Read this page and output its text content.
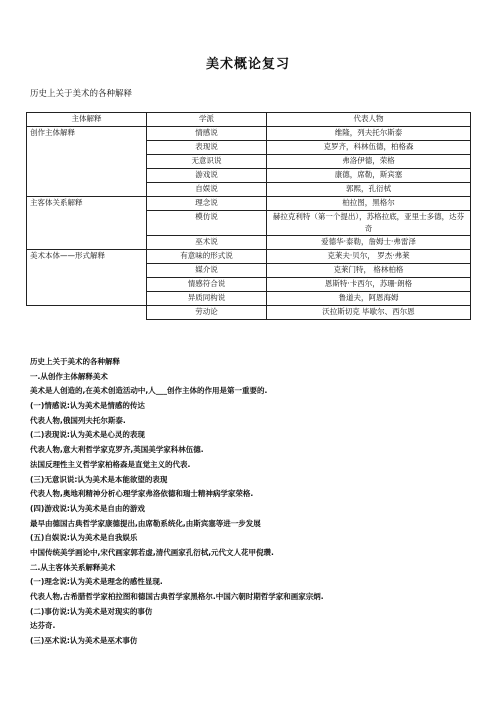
美术概论复习
历史上关于美术的各种解释
主体解释	学派	代表人物
创作主体解释	情感说	维隆，列夫托尔斯泰
	表现说	克罗齐，科林伍德，柏格森
	无意识说	弗洛伊德，荣格
	游戏说	康德，席勒，斯宾塞
	自娱说	郭熙，孔衍栻
主客体关系解释	理念说	柏拉图，黑格尔
	模仿说	赫拉克利特（第一个提出），苏格拉底，亚里士多德，达芬奇
	巫术说	爱德华·泰勒，詹姆士·弗雷泽
美术本体——形式解释	有意味的形式说	克莱夫·贝尔， 罗杰·弗莱
	媒介说	克莱门特， 格林柏格
	情感符合说	恩斯特·卡西尔，苏珊·朗格
	异质同构说	鲁道夫，阿恩海姆
	劳动论	沃拉斯切克 毕歇尔、西尔恩

历史上关于美术的各种解释

一.从创作主体解释美术

美术是人创造的,在美术创造活动中,人___创作主体的作用是第一重要的.

(一)情感说:认为美术是情感的传达

代表人物,俄国列夫托尔斯泰.

(二)表现说:认为美术是心灵的表现

代表人物,意大利哲学家克罗齐,英国美学家科林伍德.

法国反理性主义哲学家柏格森是直觉主义的代表.

(三)无意识说:认为美术是本能欲望的表现

代表人物,奥地利精神分析心理学家弗洛依德和瑞士精神病学家荣格.

(四)游戏说:认为美术是自由的游戏

最早由德国古典哲学家康德提出,由席勒系统化,由斯宾塞等进一步发展

(五)自娱说:认为美术是自我娱乐

中国传统美学画论中,宋代画家郭若虚,清代画家孔衍栻,元代文人花甲倪瓒.

二.从主客体关系解释美术

(一)理念说:认为美术是理念的感性显现.

代表人物,古希腊哲学家柏拉图和德国古典哲学家黑格尔.中国六朝时期哲学家和画家宗炳.

(二)事仿说:认为美术是对现实的事仿

达芬奇.

(三)巫术说:认为美术是巫术事仿
